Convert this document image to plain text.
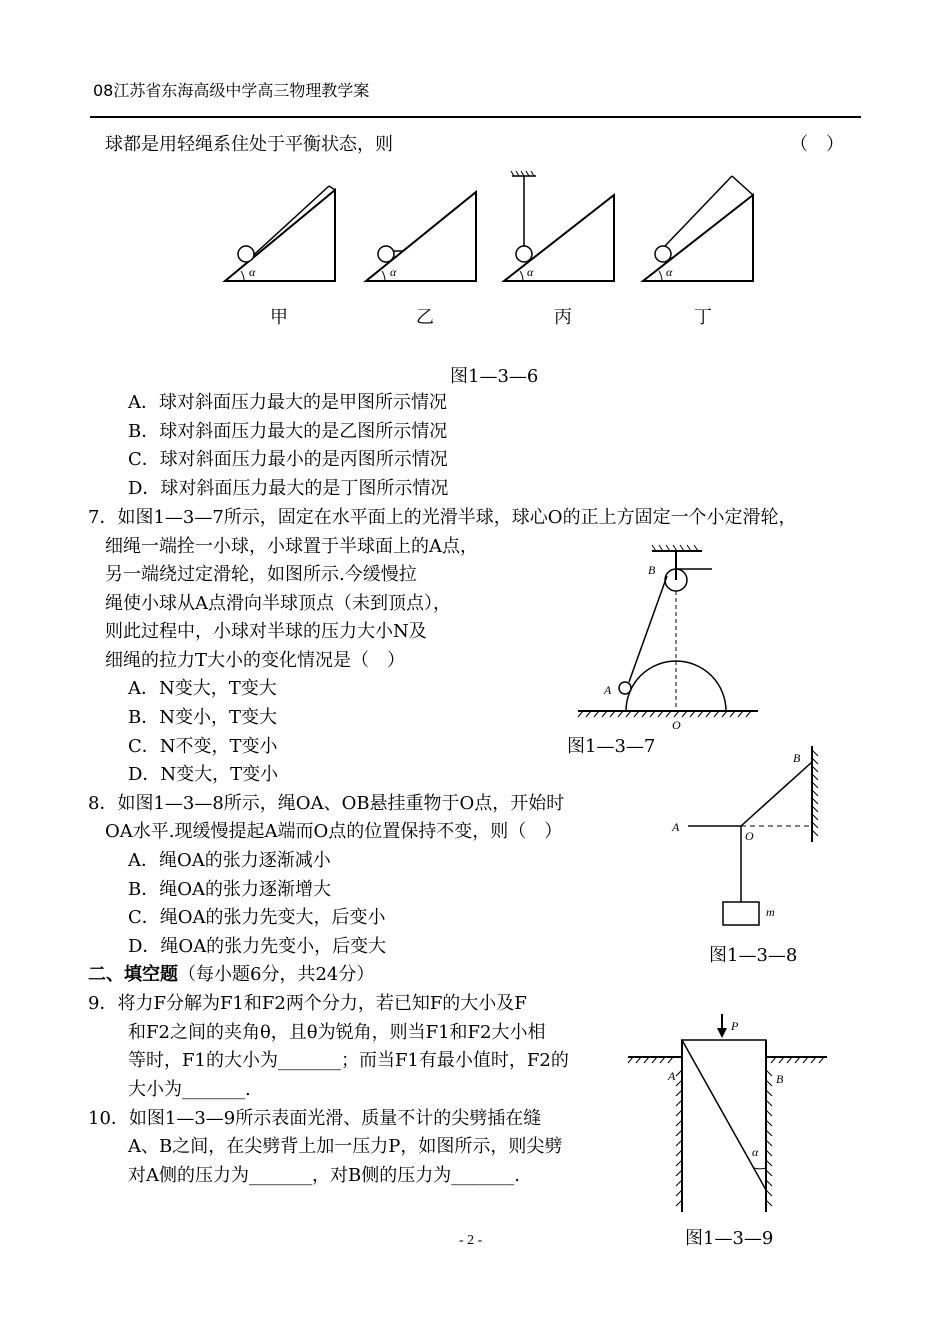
08江苏省东海高级中学高三物理教学案
球都是用轻绳系住处于平衡状态，则	（　）
α
甲
α
乙
α
丙
α
丁
图1—3—6
A．球对斜面压力最大的是甲图所示情况
B．球对斜面压力最大的是乙图所示情况
C．球对斜面压力最小的是丙图所示情况
D．球对斜面压力最大的是丁图所示情况
7．如图1—3—7所示，固定在水平面上的光滑半球，球心O的正上方固定一个小定滑轮，
细绳一端拴一小球，小球置于半球面上的A点，
另一端绕过定滑轮，如图所示.今缓慢拉
绳使小球从A点滑向半球顶点（未到顶点），
则此过程中，小球对半球的压力大小N及
细绳的拉力T大小的变化情况是（　）
A．N变大，T变大
B．N变小，T变大
C．N不变，T变小
D．N变大，T变小
B
A
O
图1—3—7
8．如图1—3—8所示，绳OA、OB悬挂重物于O点，开始时
OA水平.现缓慢提起A端而O点的位置保持不变，则（　）
A．绳OA的张力逐渐减小
B．绳OA的张力逐渐增大
C．绳OA的张力先变大，后变小
D．绳OA的张力先变小，后变大
B
A
O
m
图1—3—8
二、填空题（每小题6分，共24分）
9．将力F分解为F1和F2两个分力，若已知F的大小及F
和F2之间的夹角θ，且θ为锐角，则当F1和F2大小相
等时，F1的大小为_______；而当F1有最小值时，F2的
大小为_______.
10．如图1—3—9所示表面光滑、质量不计的尖劈插在缝
A、B之间，在尖劈背上加一压力P，如图所示，则尖劈
对A侧的压力为_______，对B侧的压力为_______.
P
A	B
α
图1—3—9
- 2 -
